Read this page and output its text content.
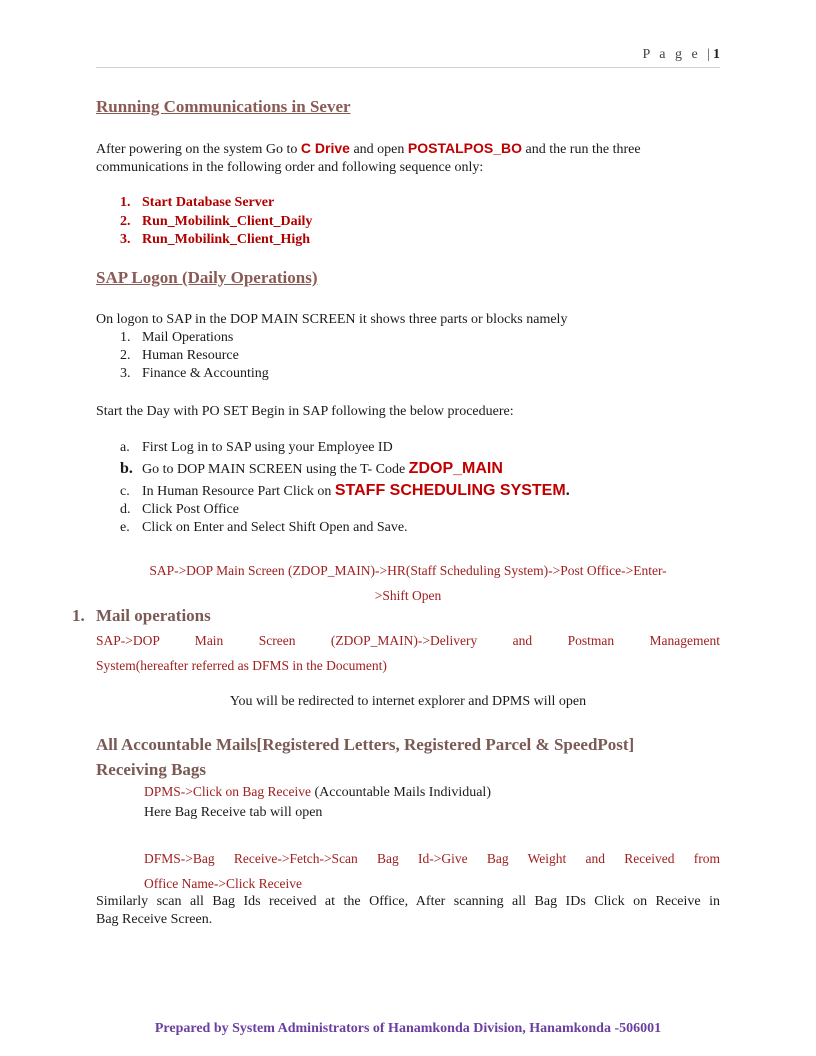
P a g e |1
Running Communications in Sever
After powering on the system Go to C Drive and open POSTALPOS_BO and the run the three
communications in the following order and following sequence only:
1. Start Database Server
2. Run_Mobilink_Client_Daily
3. Run_Mobilink_Client_High
SAP Logon (Daily Operations)
On logon to SAP in the DOP MAIN SCREEN it shows three parts or blocks namely
1. Mail Operations
2. Human Resource
3. Finance & Accounting
Start the Day with PO SET Begin in SAP following the below proceduere:
a. First Log in to SAP using your Employee ID
b. Go to DOP MAIN SCREEN using the T- Code ZDOP_MAIN
c. In Human Resource Part Click on STAFF SCHEDULING SYSTEM.
d. Click Post Office
e. Click on Enter and Select Shift Open and Save.
SAP->DOP Main Screen (ZDOP_MAIN)->HR(Staff Scheduling System)->Post Office->Enter-
>Shift Open
1. Mail operations
SAP->DOP Main Screen (ZDOP_MAIN)->Delivery and Postman Management
System(hereafter referred as DFMS in the Document)
You will be redirected to internet explorer and DPMS will open
All Accountable Mails[Registered Letters, Registered Parcel & SpeedPost]
Receiving Bags
DPMS->Click on Bag Receive (Accountable Mails Individual)
Here Bag Receive tab will open
DFMS->Bag Receive->Fetch->Scan Bag Id->Give Bag Weight and Received from
Office Name->Click Receive
Similarly scan all Bag Ids received at the Office, After scanning all Bag IDs Click on Receive in
Bag Receive Screen.
Prepared by System Administrators of Hanamkonda Division, Hanamkonda -506001
